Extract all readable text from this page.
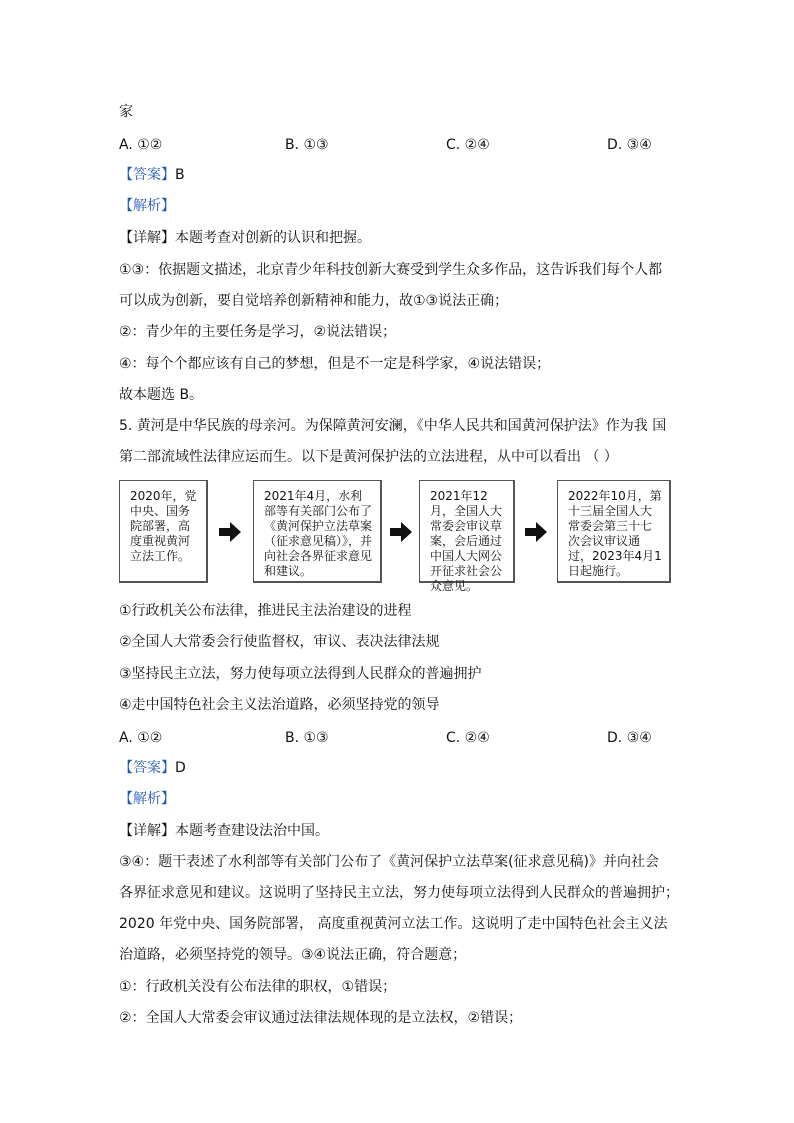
家
A. ①②	B. ①③	C. ②④	D. ③④
【答案】B
【解析】
【详解】本题考查对创新的认识和把握。
①③：依据题文描述，北京青少年科技创新大赛受到学生众多作品，这告诉我们每个人都
可以成为创新，要自觉培养创新精神和能力，故①③说法正确；
②：青少年的主要任务是学习，②说法错误；
④：每个个都应该有自己的梦想，但是不一定是科学家，④说法错误；
故本题选 B。
5. 黄河是中华民族的母亲河。为保障黄河安澜，《中华人民共和国黄河保护法》作为我 国
第二部流域性法律应运而生。以下是黄河保护法的立法进程，从中可以看出 （ ）
2020年，党中央、国务院部署，高度重视黄河立法工作。
2021年4月，水利部等有关部门公布了《黄河保护立法草案（征求意见稿）》，并向社会各界征求意见和建议。
2021年12月，全国人大常委会审议草案，会后通过中国人大网公开征求社会公众意见。
2022年10月，第十三届全国人大常委会第三十七次会议审议通过，2023年4月1日起施行。
①行政机关公布法律，推进民主法治建设的进程
②全国人大常委会行使监督权，审议、表决法律法规
③坚持民主立法，努力使每项立法得到人民群众的普遍拥护
④走中国特色社会主义法治道路，必须坚持党的领导
A. ①②	B. ①③	C. ②④	D. ③④
【答案】D
【解析】
【详解】本题考查建设法治中国。
③④：题干表述了水利部等有关部门公布了《黄河保护立法草案(征求意见稿)》并向社会
各界征求意见和建议。这说明了坚持民主立法，努力使每项立法得到人民群众的普遍拥护；
2020 年党中央、国务院部署， 高度重视黄河立法工作。这说明了走中国特色社会主义法
治道路，必须坚持党的领导。③④说法正确，符合题意；
①：行政机关没有公布法律的职权，①错误；
②：全国人大常委会审议通过法律法规体现的是立法权，②错误；
